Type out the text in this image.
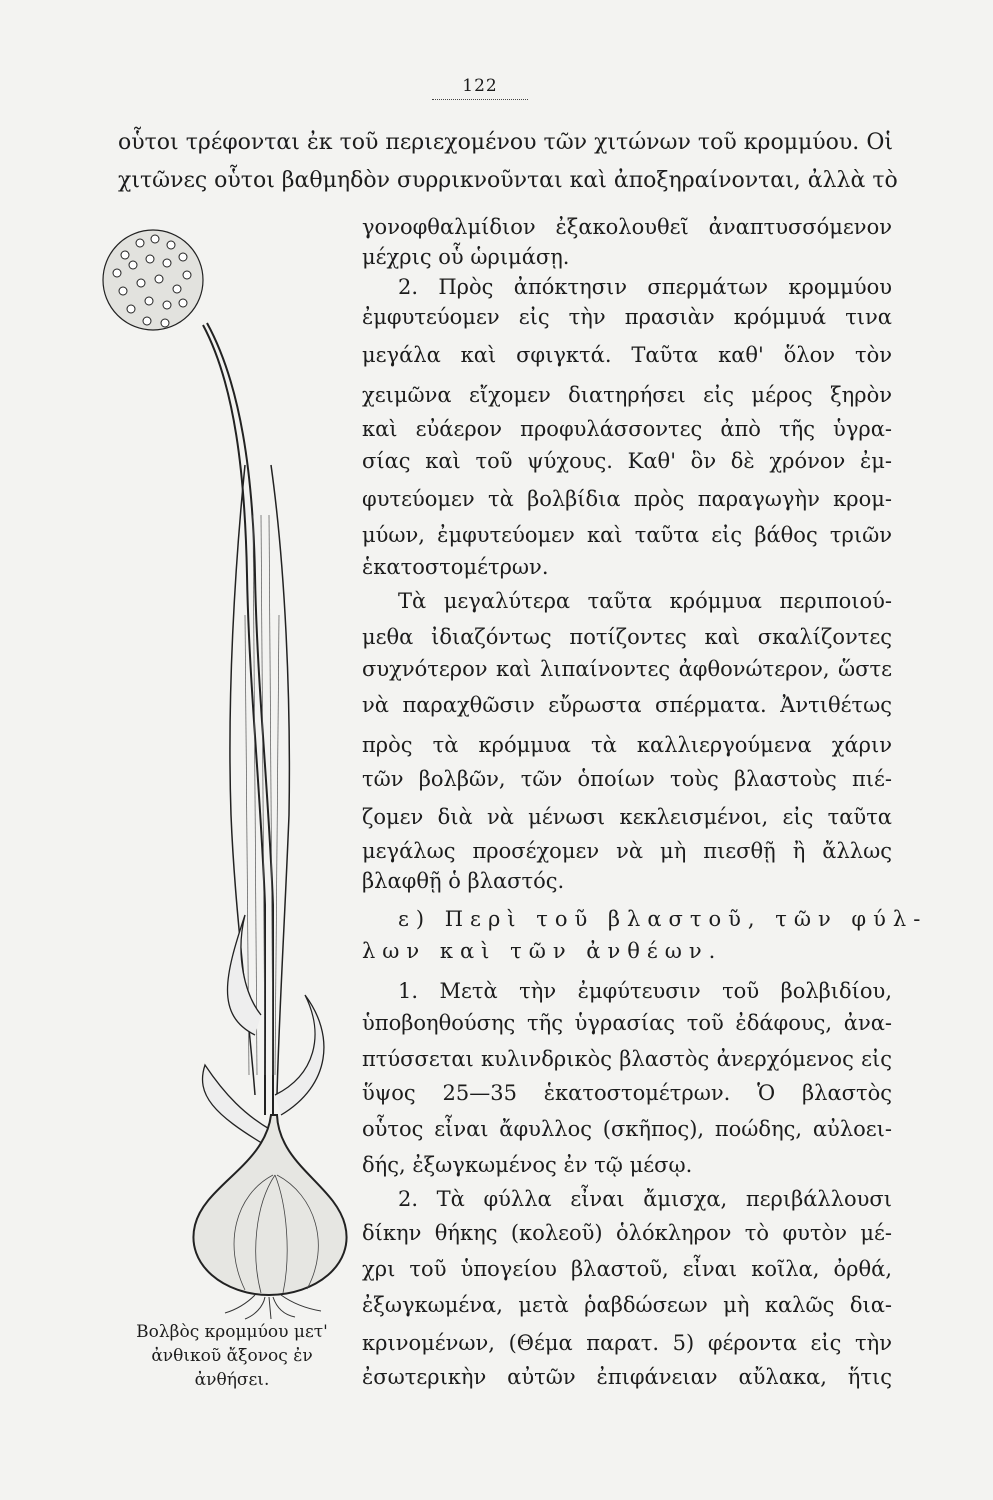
122
οὗτοι τρέφονται ἐκ τοῦ περιεχομένου τῶν χιτώνων τοῦ κρομμύου. Οἱ
χιτῶνες οὗτοι βαθμηδὸν συρρικνοῦνται καὶ ἀποξηραίνονται, ἀλλὰ τὸ
γονοφθαλμίδιον ἐξακολουθεῖ ἀναπτυσσόμενον
μέχρις οὗ ὡριμάσῃ.
2. Πρὸς ἀπόκτησιν σπερμάτων κρομμύου
ἐμφυτεύομεν εἰς τὴν πρασιὰν κρόμμυά τινα
μεγάλα καὶ σφιγκτά. Ταῦτα καθ' ὅλον τὸν
χειμῶνα εἴχομεν διατηρήσει εἰς μέρος ξηρὸν
καὶ εὐάερον προφυλάσσοντες ἀπὸ τῆς ὑγρα-
σίας καὶ τοῦ ψύχους. Καθ' ὃν δὲ χρόνον ἐμ-
φυτεύομεν τὰ βολβίδια πρὸς παραγωγὴν κρομ-
μύων, ἐμφυτεύομεν καὶ ταῦτα εἰς βάθος τριῶν
ἑκατοστομέτρων.
Τὰ μεγαλύτερα ταῦτα κρόμμυα περιποιού-
μεθα ἰδιαζόντως ποτίζοντες καὶ σκαλίζοντες
συχνότερον καὶ λιπαίνοντες ἀφθονώτερον, ὥστε
νὰ παραχθῶσιν εὔρωστα σπέρματα. Ἀντιθέτως
πρὸς τὰ κρόμμυα τὰ καλλιεργούμενα χάριν
τῶν βολβῶν, τῶν ὁποίων τοὺς βλαστοὺς πιέ-
ζομεν διὰ νὰ μένωσι κεκλεισμένοι, εἰς ταῦτα
μεγάλως προσέχομεν νὰ μὴ πιεσθῇ ἢ ἄλλως
βλαφθῇ ὁ βλαστός.
ε) Περὶ τοῦ βλαστοῦ, τῶν φύλ-
λων καὶ τῶν ἀνθέων.
1. Μετὰ τὴν ἐμφύτευσιν τοῦ βολβιδίου,
ὑποβοηθούσης τῆς ὑγρασίας τοῦ ἐδάφους, ἀνα-
πτύσσεται κυλινδρικὸς βλαστὸς ἀνερχόμενος εἰς
ὕψος 25—35 ἑκατοστομέτρων. Ὁ βλαστὸς
οὗτος εἶναι ἄφυλλος (σκῆπος), ποώδης, αὐλοει-
δής, ἐξωγκωμένος ἐν τῷ μέσῳ.
2. Τὰ φύλλα εἶναι ἄμισχα, περιβάλλουσι
δίκην θήκης (κολεοῦ) ὁλόκληρον τὸ φυτὸν μέ-
χρι τοῦ ὑπογείου βλαστοῦ, εἶναι κοῖλα, ὀρθά,
ἐξωγκωμένα, μετὰ ῥαβδώσεων μὴ καλῶς δια-
κρινομένων, (Θέμα παρατ. 5) φέροντα εἰς τὴν
ἐσωτερικὴν αὐτῶν ἐπιφάνειαν αὔλακα, ἥτις
Βολβὸς κρομμύου μετ'
ἀνθικοῦ ἄξονος ἐν
ἀνθήσει.
